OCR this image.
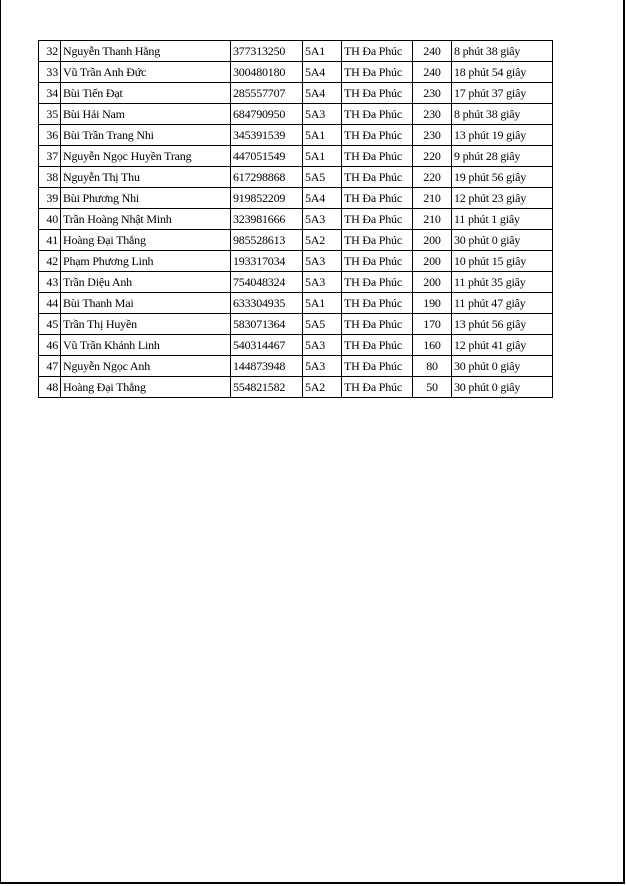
32	Nguyễn Thanh Hằng	377313250	5A1	TH Đa Phúc	240	8 phút 38 giây
33	Vũ Trần Anh Đức	300480180	5A4	TH Đa Phúc	240	18 phút 54 giây
34	Bùi Tiến Đạt	285557707	5A4	TH Đa Phúc	230	17 phút 37 giây
35	Bùi Hải Nam	684790950	5A3	TH Đa Phúc	230	8 phút 38 giây
36	Bùi Trần Trang Nhi	345391539	5A1	TH Đa Phúc	230	13 phút 19 giây
37	Nguyễn Ngọc Huyền Trang	447051549	5A1	TH Đa Phúc	220	9 phút 28 giây
38	Nguyễn Thị Thu	617298868	5A5	TH Đa Phúc	220	19 phút 56 giây
39	Bùi Phương Nhi	919852209	5A4	TH Đa Phúc	210	12 phút 23 giây
40	Trần Hoàng Nhật Minh	323981666	5A3	TH Đa Phúc	210	11 phút 1 giây
41	Hoàng Đại Thắng	985528613	5A2	TH Đa Phúc	200	30 phút 0 giây
42	Phạm Phương Linh	193317034	5A3	TH Đa Phúc	200	10 phút 15 giây
43	Trần Diệu Anh	754048324	5A3	TH Đa Phúc	200	11 phút 35 giây
44	Bùi Thanh Mai	633304935	5A1	TH Đa Phúc	190	11 phút 47 giây
45	Trần Thị Huyền	583071364	5A5	TH Đa Phúc	170	13 phút 56 giây
46	Vũ Trần Khánh Linh	540314467	5A3	TH Đa Phúc	160	12 phút 41 giây
47	Nguyễn Ngọc Anh	144873948	5A3	TH Đa Phúc	80	30 phút 0 giây
48	Hoàng Đại Thắng	554821582	5A2	TH Đa Phúc	50	30 phút 0 giây
